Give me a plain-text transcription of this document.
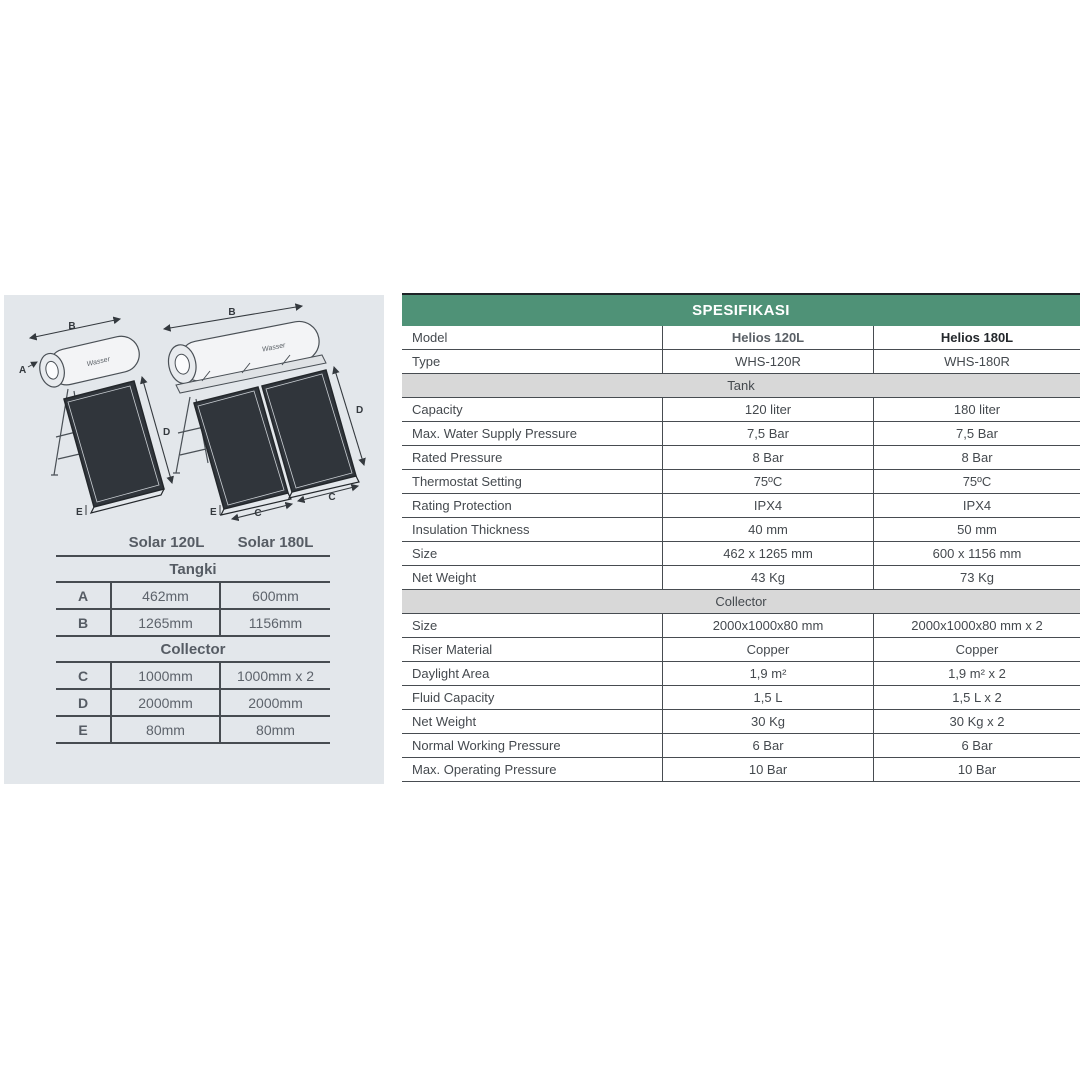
Wasser
B
A
D
E
Wasser
B
D
C
C
E
Solar 120L	Solar 180L
Tangki
A	462mm	600mm
B	1265mm	1156mm
Collector
C	1000mm	1000mm x 2
D	2000mm	2000mm
E	80mm	80mm
SPESIFIKASI
Model	Helios 120L	Helios 180L
Type	WHS-120R	WHS-180R
Tank
Capacity	120 liter	180 liter
Max. Water Supply Pressure	7,5 Bar	7,5 Bar
Rated Pressure	8 Bar	8 Bar
Thermostat Setting	75ºC	75ºC
Rating Protection	IPX4	IPX4
Insulation Thickness	40 mm	50 mm
Size	462 x 1265 mm	600 x 1156 mm
Net Weight	43 Kg	73 Kg
Collector
Size	2000x1000x80 mm	2000x1000x80 mm x 2
Riser Material	Copper	Copper
Daylight Area	1,9 m²	1,9 m² x 2
Fluid Capacity	1,5 L	1,5 L x 2
Net Weight	30 Kg	30 Kg x 2
Normal Working Pressure	6 Bar	6 Bar
Max. Operating Pressure	10 Bar	10 Bar
